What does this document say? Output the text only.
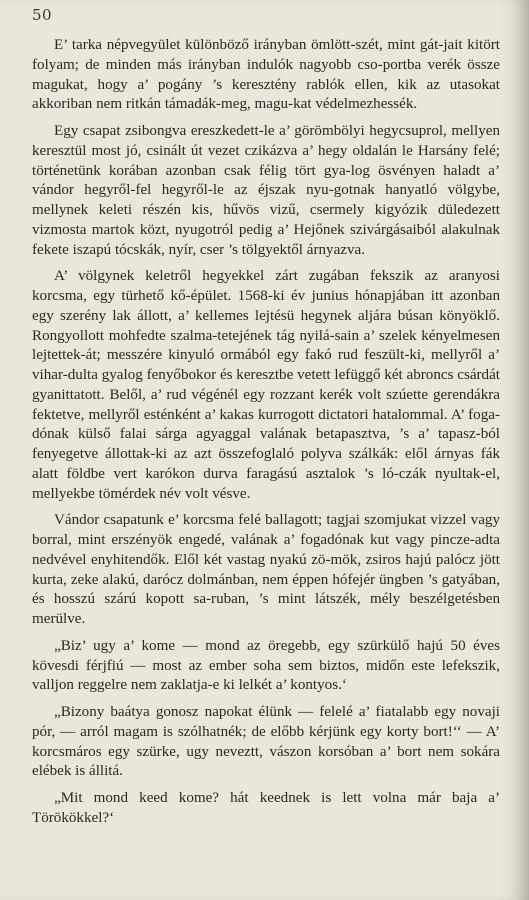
50

E’ tarka népvegyület különböző irányban ömlött-szét, mint gát-jait kitört folyam; de minden más irányban indulók nagyobb cso-portba verék össze magukat, hogy a’ pogány ’s keresztény rablók ellen, kik az utasokat akkoriban nem ritkán támadák-meg, magu-kat védelmezhessék.

Egy csapat zsibongva ereszkedett-le a’ görömbölyi hegycsuprol, mellyen keresztül most jó, csinált út vezet czikázva a’ hegy oldalán le Harsány felé; történetünk korában azonban csak félig tört gya-log ösvényen haladt a’ vándor hegyről-fel hegyről-le az éjszak nyu-gotnak hanyatló völgybe, mellynek keleti részén kis, hűvös vizű, csermely kigyózik düledezett vizmosta martok közt, nyugotról pedig a’ Hejőnek szivárgásaiból alakulnak fekete iszapú tócskák, nyír, cser ’s tölgyektől árnyazva.

A’ völgynek keletről hegyekkel zárt zugában fekszik az aranyosi korcsma, egy türhető kő-épület. 1568-ki év junius hónapjában itt azonban egy szerény lak állott, a’ kellemes lejtésü hegynek aljára búsan könyöklő. Rongyollott mohfedte szalma-tetejének tág nyilá-sain a’ szelek kényelmesen lejtettek-át; messzére kinyuló ormából egy fakó rud feszült-ki, mellyről a’ vihar-dulta gyalog fenyőbokor és keresztbe vetett lefüggő két abroncs csárdát gyanittatott. Belől, a’ rud végénél egy rozzant kerék volt szúette gerendákra fektetve, mellyről esténként a’ kakas kurrogott dictatori hatalommal. A’ foga-dónak külső falai sárga agyaggal valának betapasztva, ’s a’ tapasz-ból fenyegetve állottak-ki az azt összefoglaló polyva szálkák: elől árnyas fák alatt földbe vert karókon durva faragású asztalok ’s ló-czák nyultak-el, mellyekbe tömérdek név volt vésve.

Vándor csapatunk e’ korcsma felé ballagott; tagjai szomjukat vizzel vagy borral, mint erszényök engedé, valának a’ fogadónak kut vagy pincze-adta nedvével enyhitendők. Elől két vastag nyakú zö-mök, zsiros hajú palócz jött kurta, zeke alakú, darócz dolmánban, nem éppen hófejér üngben ’s gatyában, és hosszú szárú kopott sa-ruban, ’s mint látszék, mély beszélgetésben merülve.

„Biz’ ugy a’ kome — mond az öregebb, egy szürkülő hajú 50 éves kövesdi férjfiú — most az ember soha sem biztos, midőn este lefekszik, valljon reggelre nem zaklatja-e ki lelkét a’ kontyos.‘

„Bizony baátya gonosz napokat élünk — felelé a’ fiatalabb egy novaji pór, — arról magam is szólhatnék; de előbb kérjünk egy korty bort!‘‘ — A’ korcsmáros egy szürke, ugy neveztt, vászon korsóban a’ bort nem sokára elébek is állitá.

„Mit mond keed kome? hát keednek is lett volna már baja a’ Törökökkel?‘
